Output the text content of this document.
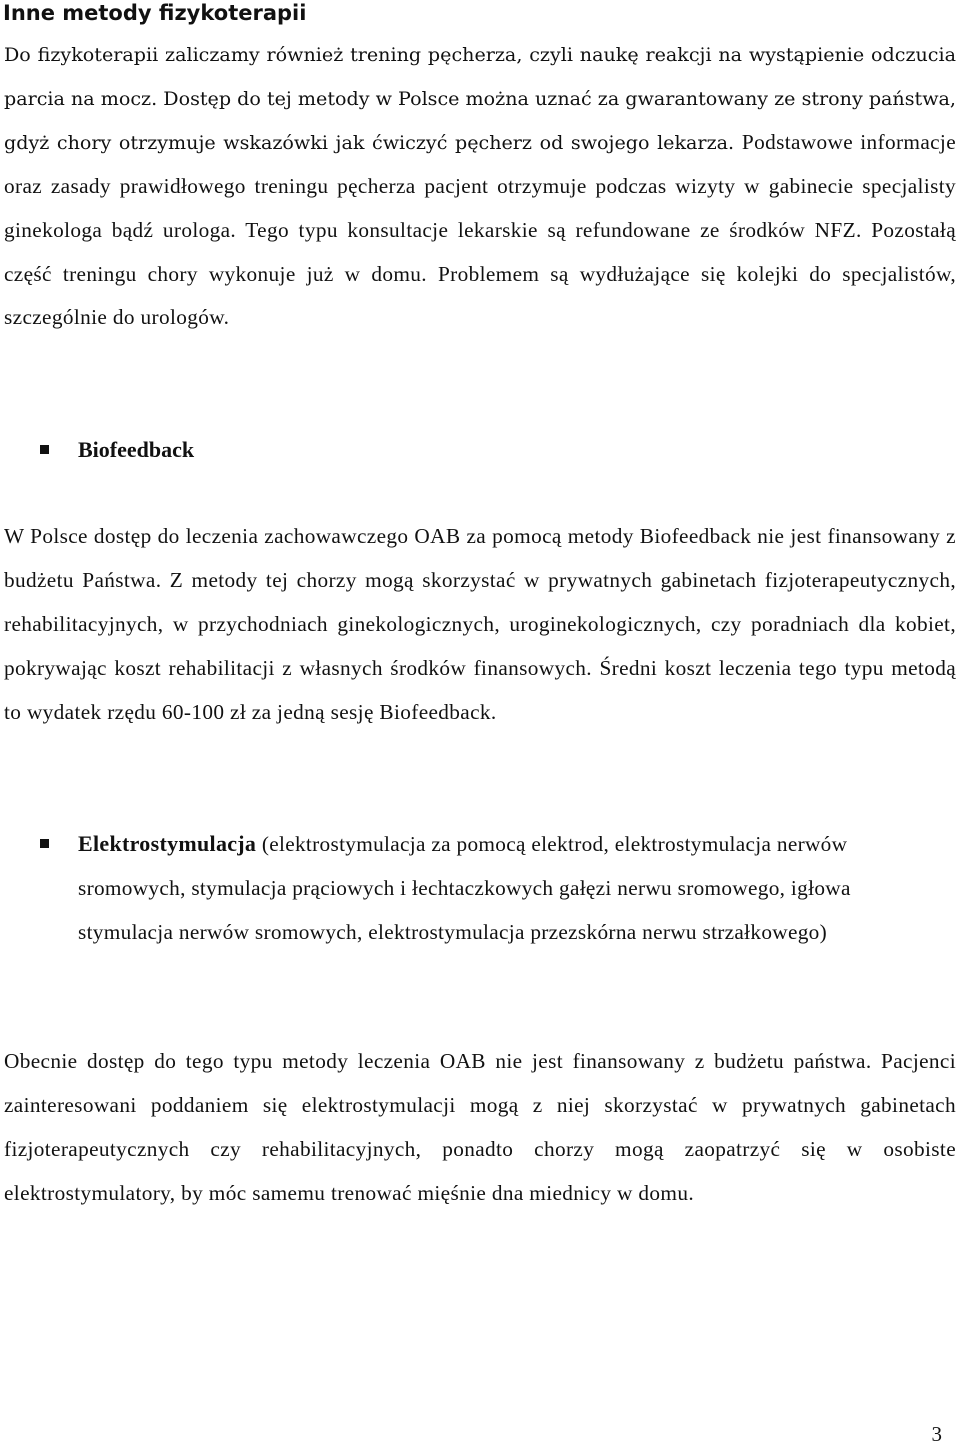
Inne metody fizykoterapii

Do fizykoterapii zaliczamy również trening pęcherza, czyli naukę reakcji na wystąpienie odczucia parcia na mocz. Dostęp do tej metody w Polsce można uznać za gwarantowany ze strony państwa, gdyż chory otrzymuje wskazówki jak ćwiczyć pęcherz od swojego lekarza. Podstawowe informacje oraz zasady prawidłowego treningu pęcherza pacjent otrzymuje podczas wizyty w gabinecie specjalisty ginekologa bądź urologa. Tego typu konsultacje lekarskie są refundowane ze środków NFZ. Pozostałą część treningu chory wykonuje już w domu. Problemem są wydłużające się kolejki do specjalistów, szczególnie do urologów.

Biofeedback

W Polsce dostęp do leczenia zachowawczego OAB za pomocą metody Biofeedback nie jest finansowany z budżetu Państwa. Z metody tej chorzy mogą skorzystać w prywatnych gabinetach fizjoterapeutycznych, rehabilitacyjnych, w przychodniach ginekologicznych, uroginekologicznych, czy poradniach dla kobiet, pokrywając koszt rehabilitacji z własnych środków finansowych. Średni koszt leczenia tego typu metodą to wydatek rzędu 60-100 zł za jedną sesję Biofeedback.

Elektrostymulacja (elektrostymulacja za pomocą elektrod, elektrostymulacja nerwów sromowych, stymulacja prąciowych i łechtaczkowych gałęzi nerwu sromowego, igłowa stymulacja nerwów sromowych, elektrostymulacja przezskórna nerwu strzałkowego)

Obecnie dostęp do tego typu metody leczenia OAB nie jest finansowany z budżetu państwa. Pacjenci zainteresowani poddaniem się elektrostymulacji mogą z niej skorzystać w prywatnych gabinetach fizjoterapeutycznych czy rehabilitacyjnych, ponadto chorzy mogą zaopatrzyć się w osobiste elektrostymulatory, by móc samemu trenować mięśnie dna miednicy w domu.

3
